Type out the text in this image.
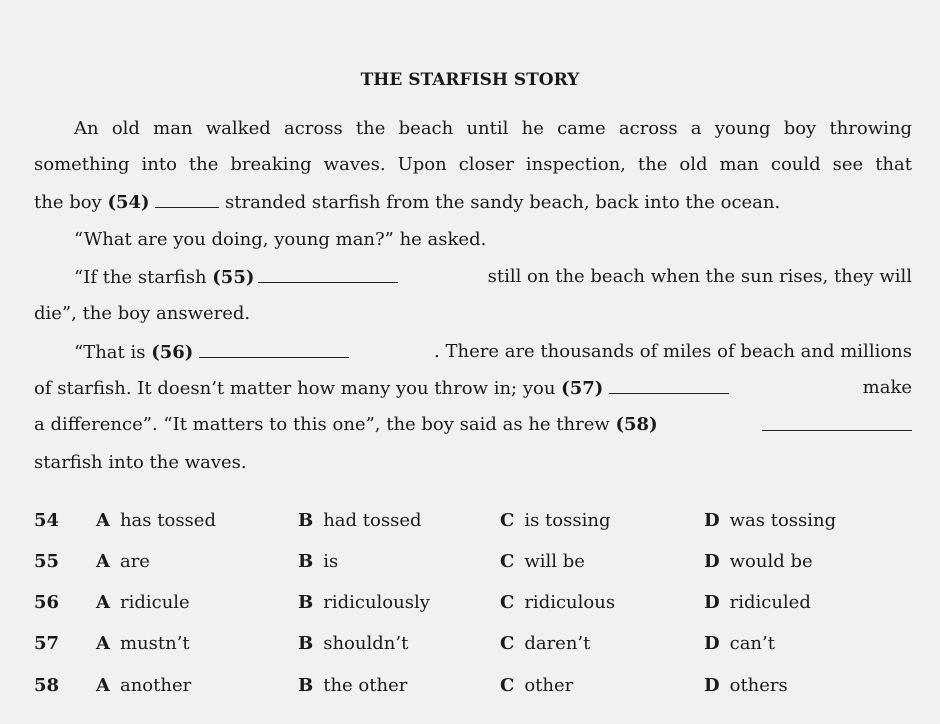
THE STARFISH STORY
An old man walked across the beach until he came across a young boy throwing
something into the breaking waves. Upon closer inspection, the old man could see that
the boy (54)	stranded starfish from the sandy beach, back into the ocean.
“What are you doing, young man?” he asked.
“If the starfish (55)	still on the beach when the sun rises, they will
die”, the boy answered.
“That is (56)	. There are thousands of miles of beach and millions
of starfish. It doesn’t matter how many you throw in; you (57)	make
a difference”. “It matters to this one”, the boy said as he threw (58)
starfish into the waves.
54 A has tossed	B had tossed	C is tossing	D was tossing
55 A are	B is	C will be	D would be
56 A ridicule	B ridiculously	C ridiculous	D ridiculed
57 A mustn’t	B shouldn’t	C daren’t	D can’t
58 A another	B the other	C other	D others
